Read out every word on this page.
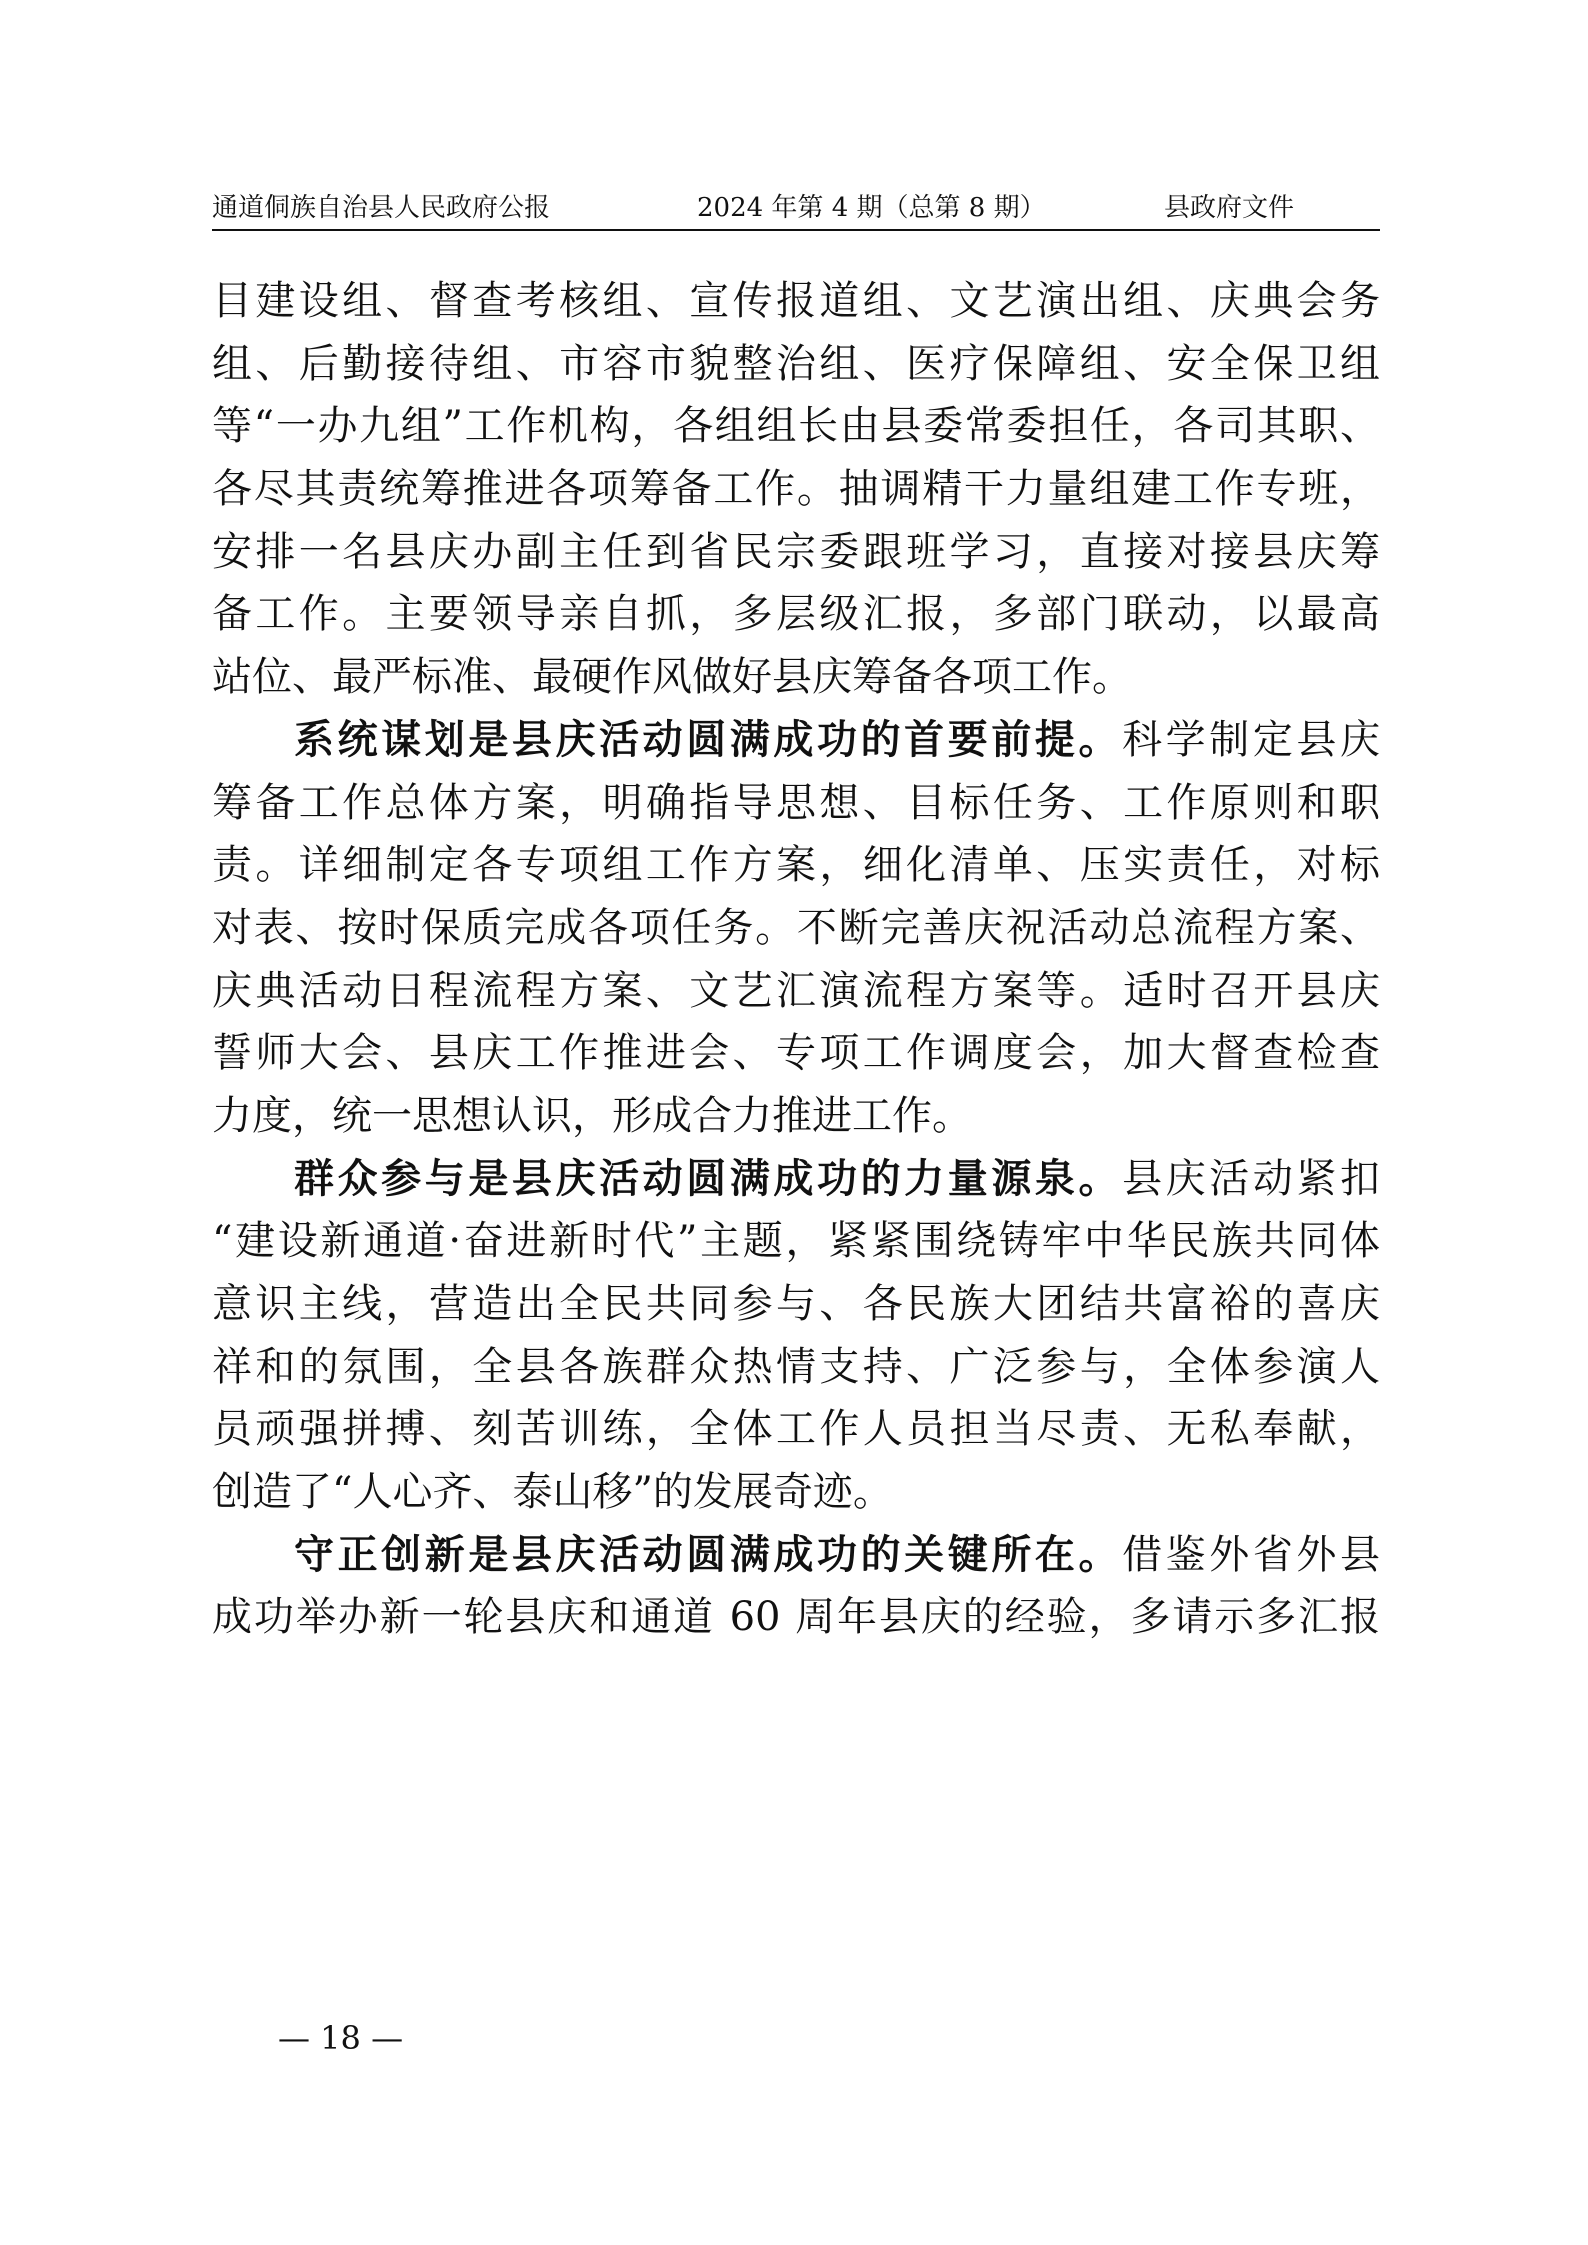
通道侗族自治县人民政府公报	2024 年第 4 期（总第 8 期）	县政府文件
目建设组、督查考核组、宣传报道组、文艺演出组、庆典会务
组、后勤接待组、市容市貌整治组、医疗保障组、安全保卫组
等“一办九组”工作机构，各组组长由县委常委担任，各司其职、
各尽其责统筹推进各项筹备工作。抽调精干力量组建工作专班，
安排一名县庆办副主任到省民宗委跟班学习，直接对接县庆筹
备工作。主要领导亲自抓，多层级汇报，多部门联动，以最高
站位、最严标准、最硬作风做好县庆筹备各项工作。
系统谋划是县庆活动圆满成功的首要前提。科学制定县庆
筹备工作总体方案，明确指导思想、目标任务、工作原则和职
责。详细制定各专项组工作方案，细化清单、压实责任，对标
对表、按时保质完成各项任务。不断完善庆祝活动总流程方案、
庆典活动日程流程方案、文艺汇演流程方案等。适时召开县庆
誓师大会、县庆工作推进会、专项工作调度会，加大督查检查
力度，统一思想认识，形成合力推进工作。
群众参与是县庆活动圆满成功的力量源泉。县庆活动紧扣
“建设新通道·奋进新时代”主题，紧紧围绕铸牢中华民族共同体
意识主线，营造出全民共同参与、各民族大团结共富裕的喜庆
祥和的氛围，全县各族群众热情支持、广泛参与，全体参演人
员顽强拼搏、刻苦训练，全体工作人员担当尽责、无私奉献，
创造了“人心齐、泰山移”的发展奇迹。
守正创新是县庆活动圆满成功的关键所在。借鉴外省外县
成功举办新一轮县庆和通道 60 周年县庆的经验，多请示多汇报
— 18 —
